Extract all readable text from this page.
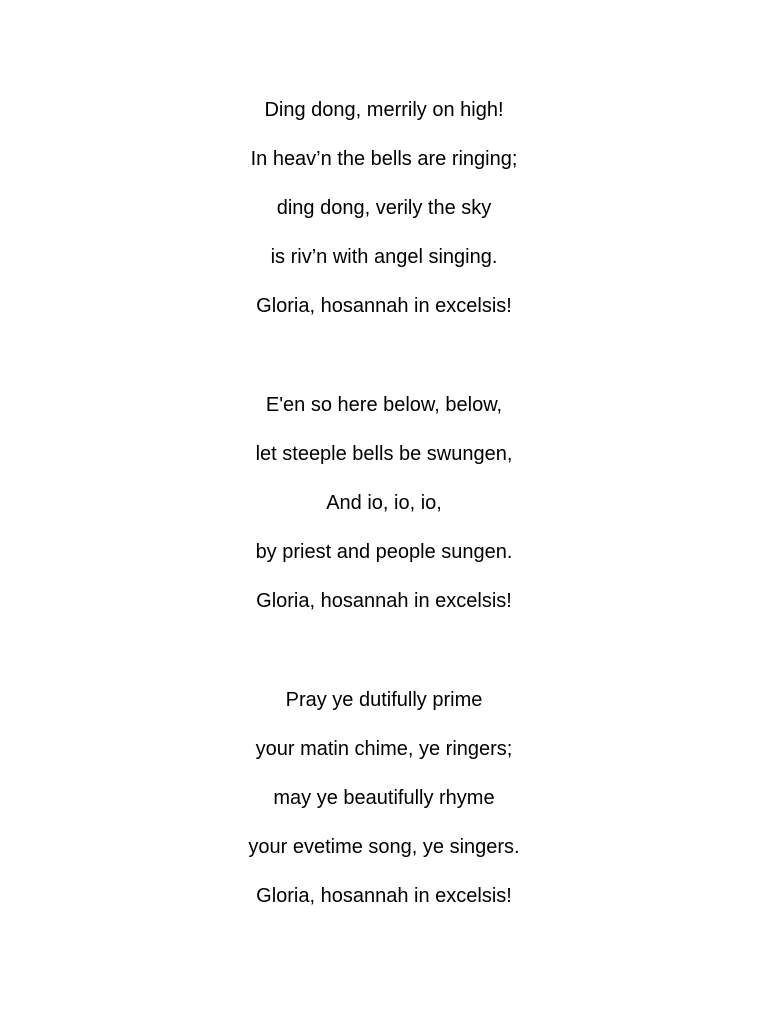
Ding dong, merrily on high!
In heav’n the bells are ringing;
ding dong, verily the sky
is riv’n with angel singing.
Gloria, hosannah in excelsis!
E'en so here below, below,
let steeple bells be swungen,
And io, io, io,
by priest and people sungen.
Gloria, hosannah in excelsis!
Pray ye dutifully prime
your matin chime, ye ringers;
may ye beautifully rhyme
your evetime song, ye singers.
Gloria, hosannah in excelsis!
